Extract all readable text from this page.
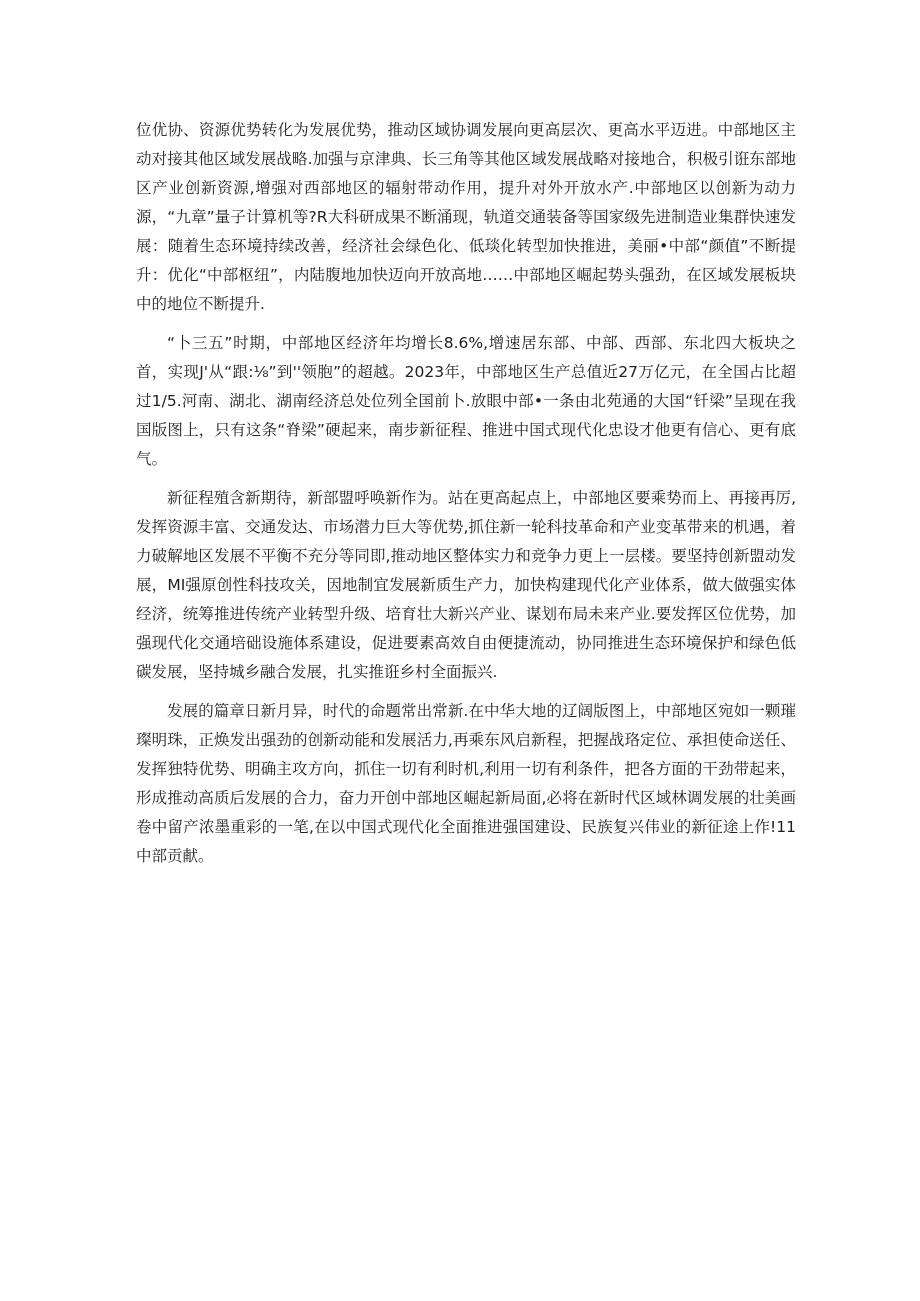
位优协、资源优势转化为发展优势，推动区域协调发展向更高层次、更高水平迈进。中部地区主动对接其他区域发展战略.加强与京津典、长三角等其他区域发展战略对接地合，积极引诳东部地区产业创新资源,增强对西部地区的辐射带动作用，提升对外开放水产.中部地区以创新为动力源，“九章”量子计算机等?R大科研成果不断涌现，轨道交通装备等国家级先进制造业集群快速发展：随着生态环境持续改善，经济社会绿色化、低琰化转型加快推进，美丽•中部“颜值”不断提升：优化“中部枢纽”，内陆腹地加快迈向开放高地……中部地区崛起势头强劲，在区域发展板块中的地位不断提升.

“卜三五”时期，中部地区经济年均增长8.6%,增速居东部、中部、西部、东北四大板块之首，实现J'从“跟:⅛”到''领胞”的超越。2023年，中部地区生产总值近27万亿元，在全国占比超过1/5.河南、湖北、湖南经济总处位列全国前卜.放眼中部•一条由北苑通的大国“钎梁”呈现在我国版图上，只有这条“脊梁”硬起来，南步新征程、推进中国式现代化忠设才他更有信心、更有底气。

新征程殖含新期待，新部盟呼唤新作为。站在更高起点上，中部地区要乘势而上、再接再厉,发挥资源丰富、交通发达、市场潜力巨大等优势,抓住新一轮科技革命和产业变革带来的机遇，着力破解地区发展不平衡不充分等同即,推动地区整体实力和竞争力更上一层楼。要坚持创新盟动发展，MI强原创性科技攻关，因地制宜发展新质生产力，加快构建现代化产业体系，做大做强实体经济，统筹推进传统产业转型升级、培育壮大新兴产业、谋划布局未来产业.要发挥区位优势，加强现代化交通培础设施体系建设，促进要素高效自由便捷流动，协同推进生态环境保护和绿色低碳发展，坚持城乡融合发展，扎实推诳乡村全面振兴.

发展的篇章日新月异，时代的命题常出常新.在中华大地的辽阔版图上，中部地区宛如一颗璀璨明珠，正焕发出强劲的创新动能和发展活力,再乘东风启新程，把握战珞定位、承担使命送任、发挥独特优势、明确主攻方向，抓住一切有利时机,利用一切有利条件，把各方面的干劲带起来，形成推动高质后发展的合力，奋力开创中部地区崛起新局面,必将在新时代区域林调发展的壮美画卷中留产浓墨重彩的一笔,在以中国式现代化全面推进强国建设、民族复兴伟业的新征途上作!11中部贡献。
